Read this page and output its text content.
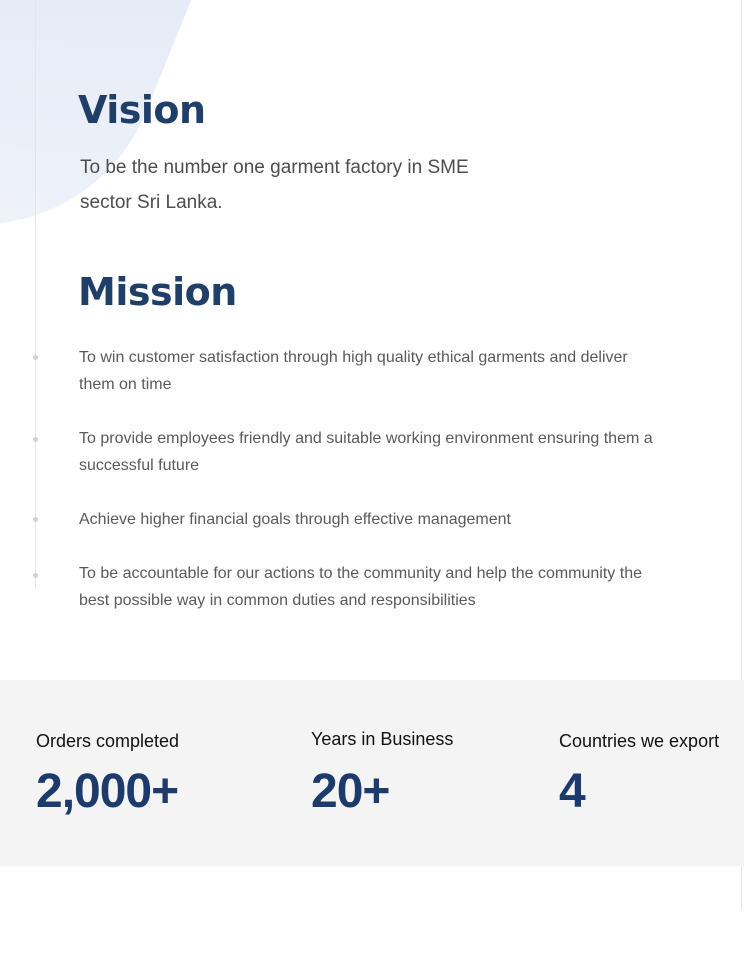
Vision

To be the number one garment factory in SME
sector Sri Lanka.

Mission

To win customer satisfaction through high quality ethical garments and deliver
them on time

To provide employees friendly and suitable working environment ensuring them a
successful future

Achieve higher financial goals through effective management

To be accountable for our actions to the community and help the community the
best possible way in common duties and responsibilities

Orders completed
2,000+
Years in Business
20+
Countries we export
4
